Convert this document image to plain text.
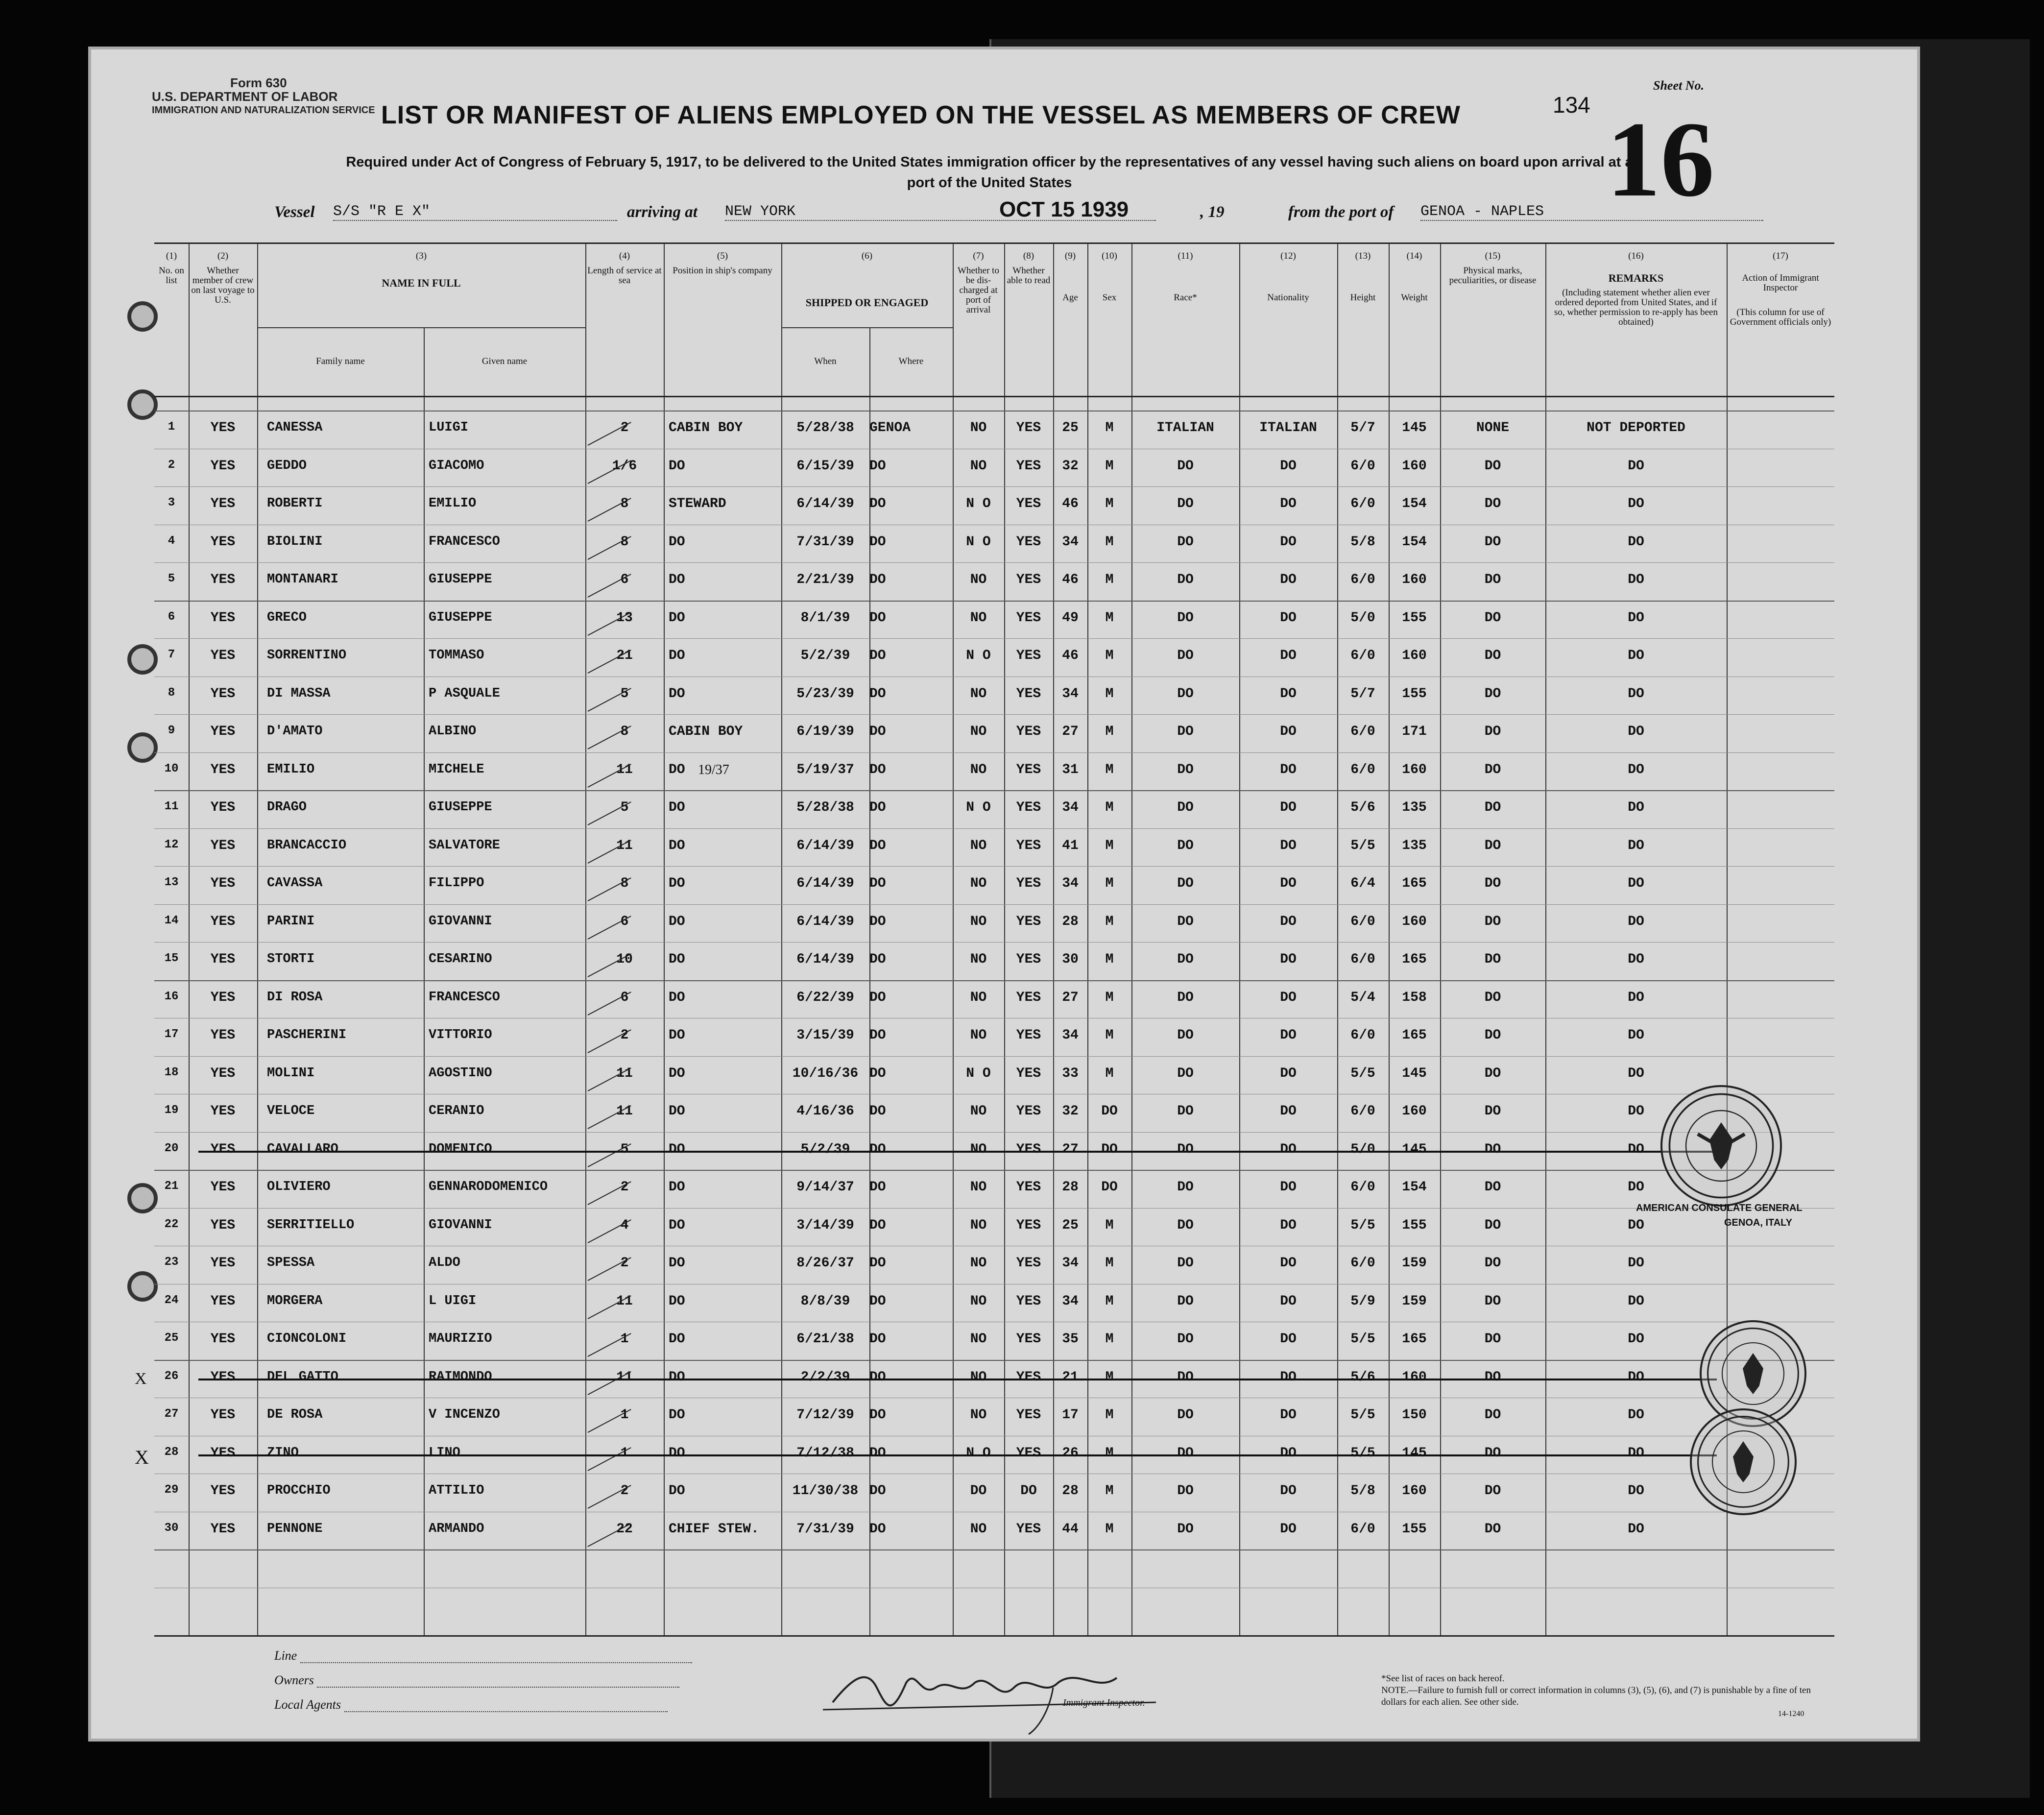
Form 630
U.S. DEPARTMENT OF LABOR
IMMIGRATION AND NATURALIZATION SERVICE LIST OR MANIFEST OF ALIENS EMPLOYED ON THE VESSEL AS MEMBERS OF CREW
Required under Act of Congress of February 5, 1917, to be delivered to the United States immigration officer by the representatives of any vessel having such aliens on board upon arrival at a
port of the United States
Sheet No.
134 16
Vessel S/S "R E X"	arriving at NEW YORK	OCT 15 1939	, 19	from the port of GENOA - NAPLES
(1)
No. on list
(2)
Whether member of crew on last voyage to U.S.
(4)
Length of service at sea
(5)
Position in ship's company
(7)
Whether to be dis-charged at port of arrival
(8)
Whether able to read
(9)
Age
(10)
Sex
(11)
Race*
(12)
Nationality
(13)
Height
(14)
Weight
(15)
Physical marks, peculiarities, or disease
(3)
NAME IN FULL
Family name	Given name
(6)
SHIPPED OR ENGAGED
When	Where
(16)
REMARKS
(Including statement whether alien ever ordered deported from United States, and if so, whether permission to re-apply has been obtained)
(17)
Action of Immigrant Inspector
(This column for use of Government officials only)
1	YES	CANESSA	LUIGI	2	CABIN BOY	5/28/38	GENOA	NO	YES	25	M	ITALIAN	ITALIAN	5/7	145	NONE	NOT DEPORTED
2	YES	GEDDO	GIACOMO	1/6	DO	6/15/39	DO	NO	YES	32	M	DO	DO	6/0	160	DO	DO
3	YES	ROBERTI	EMILIO	8	STEWARD	6/14/39	DO	N O	YES	46	M	DO	DO	6/0	154	DO	DO
4	YES	BIOLINI	FRANCESCO	8	DO	7/31/39	DO	N O	YES	34	M	DO	DO	5/8	154	DO	DO
5	YES	MONTANARI	GIUSEPPE	6	DO	2/21/39	DO	NO	YES	46	M	DO	DO	6/0	160	DO	DO
6	YES	GRECO	GIUSEPPE	13	DO	8/1/39	DO	NO	YES	49	M	DO	DO	5/0	155	DO	DO
7	YES	SORRENTINO	TOMMASO	21	DO	5/2/39	DO	N O	YES	46	M	DO	DO	6/0	160	DO	DO
8	YES	DI MASSA	P ASQUALE	5	DO	5/23/39	DO	NO	YES	34	M	DO	DO	5/7	155	DO	DO
9	YES	D'AMATO	ALBINO	8	CABIN BOY	6/19/39	DO	NO	YES	27	M	DO	DO	6/0	171	DO	DO
10	YES	EMILIO	MICHELE	11	DO	5/19/37	DO	NO	YES	31	M	DO	DO	6/0	160	DO	DO
11	YES	DRAGO	GIUSEPPE	5	DO	5/28/38	DO	N O	YES	34	M	DO	DO	5/6	135	DO	DO
12	YES	BRANCACCIO	SALVATORE	11	DO	6/14/39	DO	NO	YES	41	M	DO	DO	5/5	135	DO	DO
13	YES	CAVASSA	FILIPPO	8	DO	6/14/39	DO	NO	YES	34	M	DO	DO	6/4	165	DO	DO
14	YES	PARINI	GIOVANNI	6	DO	6/14/39	DO	NO	YES	28	M	DO	DO	6/0	160	DO	DO
15	YES	STORTI	CESARINO	10	DO	6/14/39	DO	NO	YES	30	M	DO	DO	6/0	165	DO	DO
16	YES	DI ROSA	FRANCESCO	6	DO	6/22/39	DO	NO	YES	27	M	DO	DO	5/4	158	DO	DO
17	YES	PASCHERINI	VITTORIO	2	DO	3/15/39	DO	NO	YES	34	M	DO	DO	6/0	165	DO	DO
18	YES	MOLINI	AGOSTINO	11	DO	10/16/36 DO	N O	YES	33	M	DO	DO	5/5	145	DO	DO
19	YES	VELOCE	CERANIO	11	DO	4/16/36	DO	NO	YES	32	DO	DO	DO	6/0	160	DO	DO
20	YES	CAVALLARO	DOMENICO	5	DO	5/2/39	DO	NO	YES	27	DO	DO	DO	5/0	145	DO	DO
21	YES	OLIVIERO	GENNARODOMENICO	2	DO	9/14/37	DO	NO	YES	28	DO	DO	DO	6/0	154	DO	DO
22	YES	SERRITIELLO	GIOVANNI	4	DO	3/14/39	DO	NO	YES	25	M	DO	DO	5/5	155	DO	DO
23	YES	SPESSA	ALDO	2	DO	8/26/37	DO	NO	YES	34	M	DO	DO	6/0	159	DO	DO
24	YES	MORGERA	L UIGI	11	DO	8/8/39	DO	NO	YES	34	M	DO	DO	5/9	159	DO	DO
25	YES	CIONCOLONI	MAURIZIO	1	DO	6/21/38	DO	NO	YES	35	M	DO	DO	5/5	165	DO	DO
26	YES	DEL GATTO	RAIMONDO	11	DO	2/2/39	DO	NO	YES	21	M	DO	DO	5/6	160	DO	DO
27	YES	DE ROSA	V INCENZO	1	DO	7/12/39	DO	NO	YES	17	M	DO	DO	5/5	150	DO	DO
28	YES	ZINO	LINO	1	DO	7/12/38	DO	N O	YES	26	M	DO	DO	5/5	145	DO	DO
29	YES	PROCCHIO	ATTILIO	2	DO	11/30/38 DO	DO	DO	28	M	DO	DO	5/8	160	DO	DO
30	YES	PENNONE	ARMANDO	22	CHIEF STEW.	7/31/39	DO	NO	YES	44	M	DO	DO	6/0	155	DO	DO
19/37
X
X
AMERICAN CONSULATE GENERAL
GENOA, ITALY
Line
Owners
Local Agents	Immigrant Inspector.
*See list of races on back hereof.
NOTE.—Failure to furnish full or correct information in columns (3), (5), (6), and (7) is punishable by a fine of ten dollars for each alien. See other side.
14-1240
